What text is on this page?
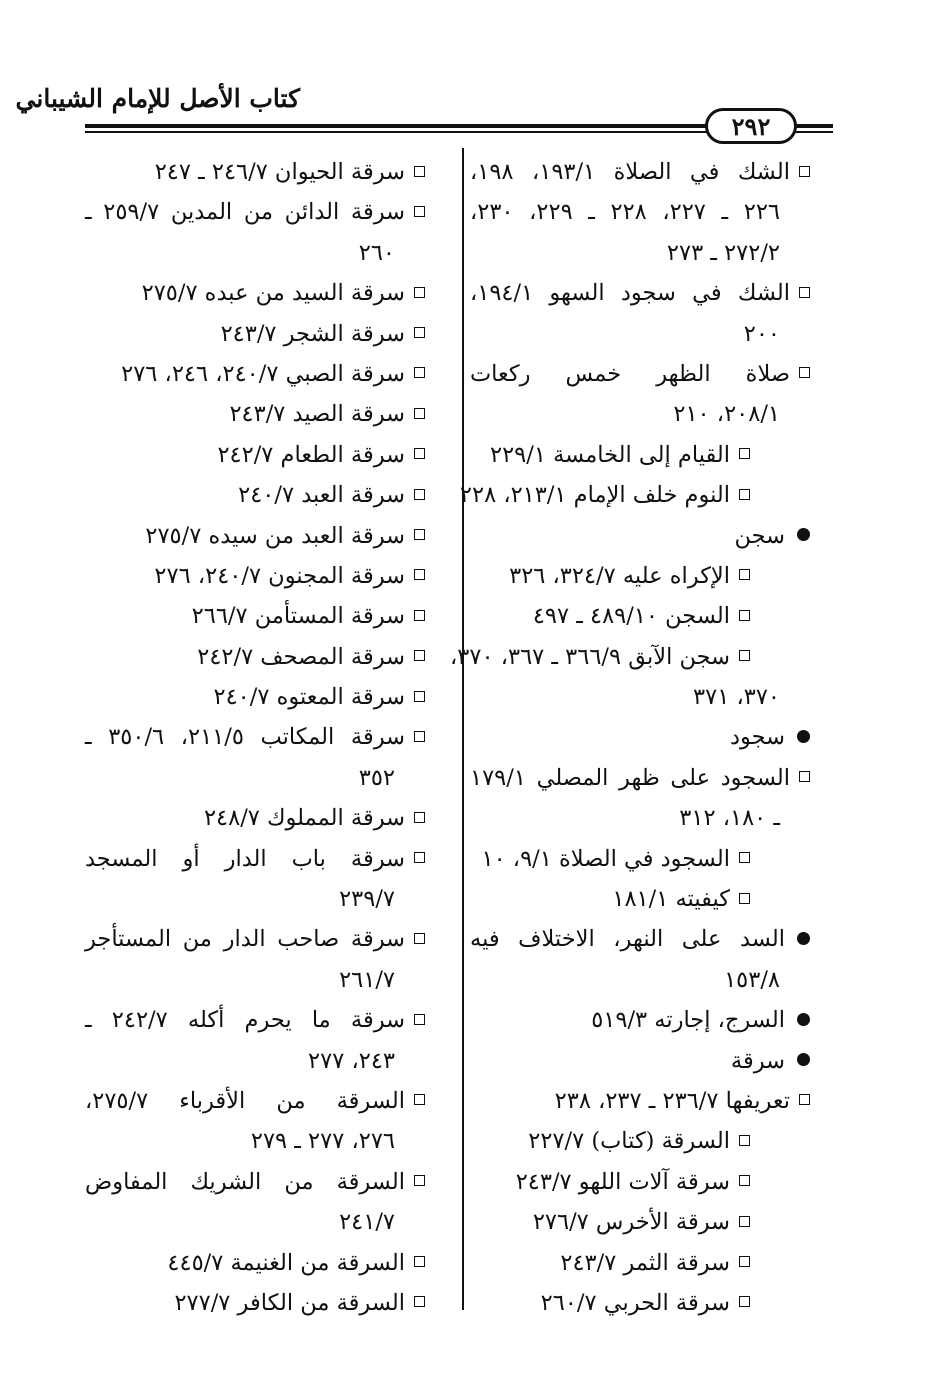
كتاب الأصل للإمام الشيباني
٢٩٢
الشك في الصلاة ١٩٣/١، ١٩٨،
٢٢٦ ـ ٢٢٧، ٢٢٨ ـ ٢٢٩، ٢٣٠،
٢٧٢/٢ ـ ٢٧٣
الشك في سجود السهو ١٩٤/١،
٢٠٠
صلاة الظهر خمس ركعات
٢٠٨/١، ٢١٠
القيام إلى الخامسة ٢٢٩/١
النوم خلف الإمام ٢١٣/١، ٢٢٨
سجن
الإكراه عليه ٣٢٤/٧، ٣٢٦
السجن ٤٨٩/١٠ ـ ٤٩٧
سجن الآبق ٣٦٦/٩ ـ ٣٦٧، ٣٧٠،
٣٧٠، ٣٧١
سجود
السجود على ظهر المصلي ١٧٩/١
ـ ١٨٠، ٣١٢
السجود في الصلاة ٩/١، ١٠
كيفيته ١٨١/١
السد على النهر، الاختلاف فيه
١٥٣/٨
السرج، إجارته ٥١٩/٣
سرقة
تعريفها ٢٣٦/٧ ـ ٢٣٧، ٢٣٨
السرقة (كتاب) ٢٢٧/٧
سرقة آلات اللهو ٢٤٣/٧
سرقة الأخرس ٢٧٦/٧
سرقة الثمر ٢٤٣/٧
سرقة الحربي ٢٦٠/٧
سرقة الحيوان ٢٤٦/٧ ـ ٢٤٧
سرقة الدائن من المدين ٢٥٩/٧ ـ
٢٦٠
سرقة السيد من عبده ٢٧٥/٧
سرقة الشجر ٢٤٣/٧
سرقة الصبي ٢٤٠/٧، ٢٤٦، ٢٧٦
سرقة الصيد ٢٤٣/٧
سرقة الطعام ٢٤٢/٧
سرقة العبد ٢٤٠/٧
سرقة العبد من سيده ٢٧٥/٧
سرقة المجنون ٢٤٠/٧، ٢٧٦
سرقة المستأمن ٢٦٦/٧
سرقة المصحف ٢٤٢/٧
سرقة المعتوه ٢٤٠/٧
سرقة المكاتب ٢١١/٥، ٣٥٠/٦ ـ
٣٥٢
سرقة المملوك ٢٤٨/٧
سرقة باب الدار أو المسجد
٢٣٩/٧
سرقة صاحب الدار من المستأجر
٢٦١/٧
سرقة ما يحرم أكله ٢٤٢/٧ ـ
٢٤٣، ٢٧٧
السرقة من الأقرباء ٢٧٥/٧،
٢٧٦، ٢٧٧ ـ ٢٧٩
السرقة من الشريك المفاوض
٢٤١/٧
السرقة من الغنيمة ٤٤٥/٧
السرقة من الكافر ٢٧٧/٧
